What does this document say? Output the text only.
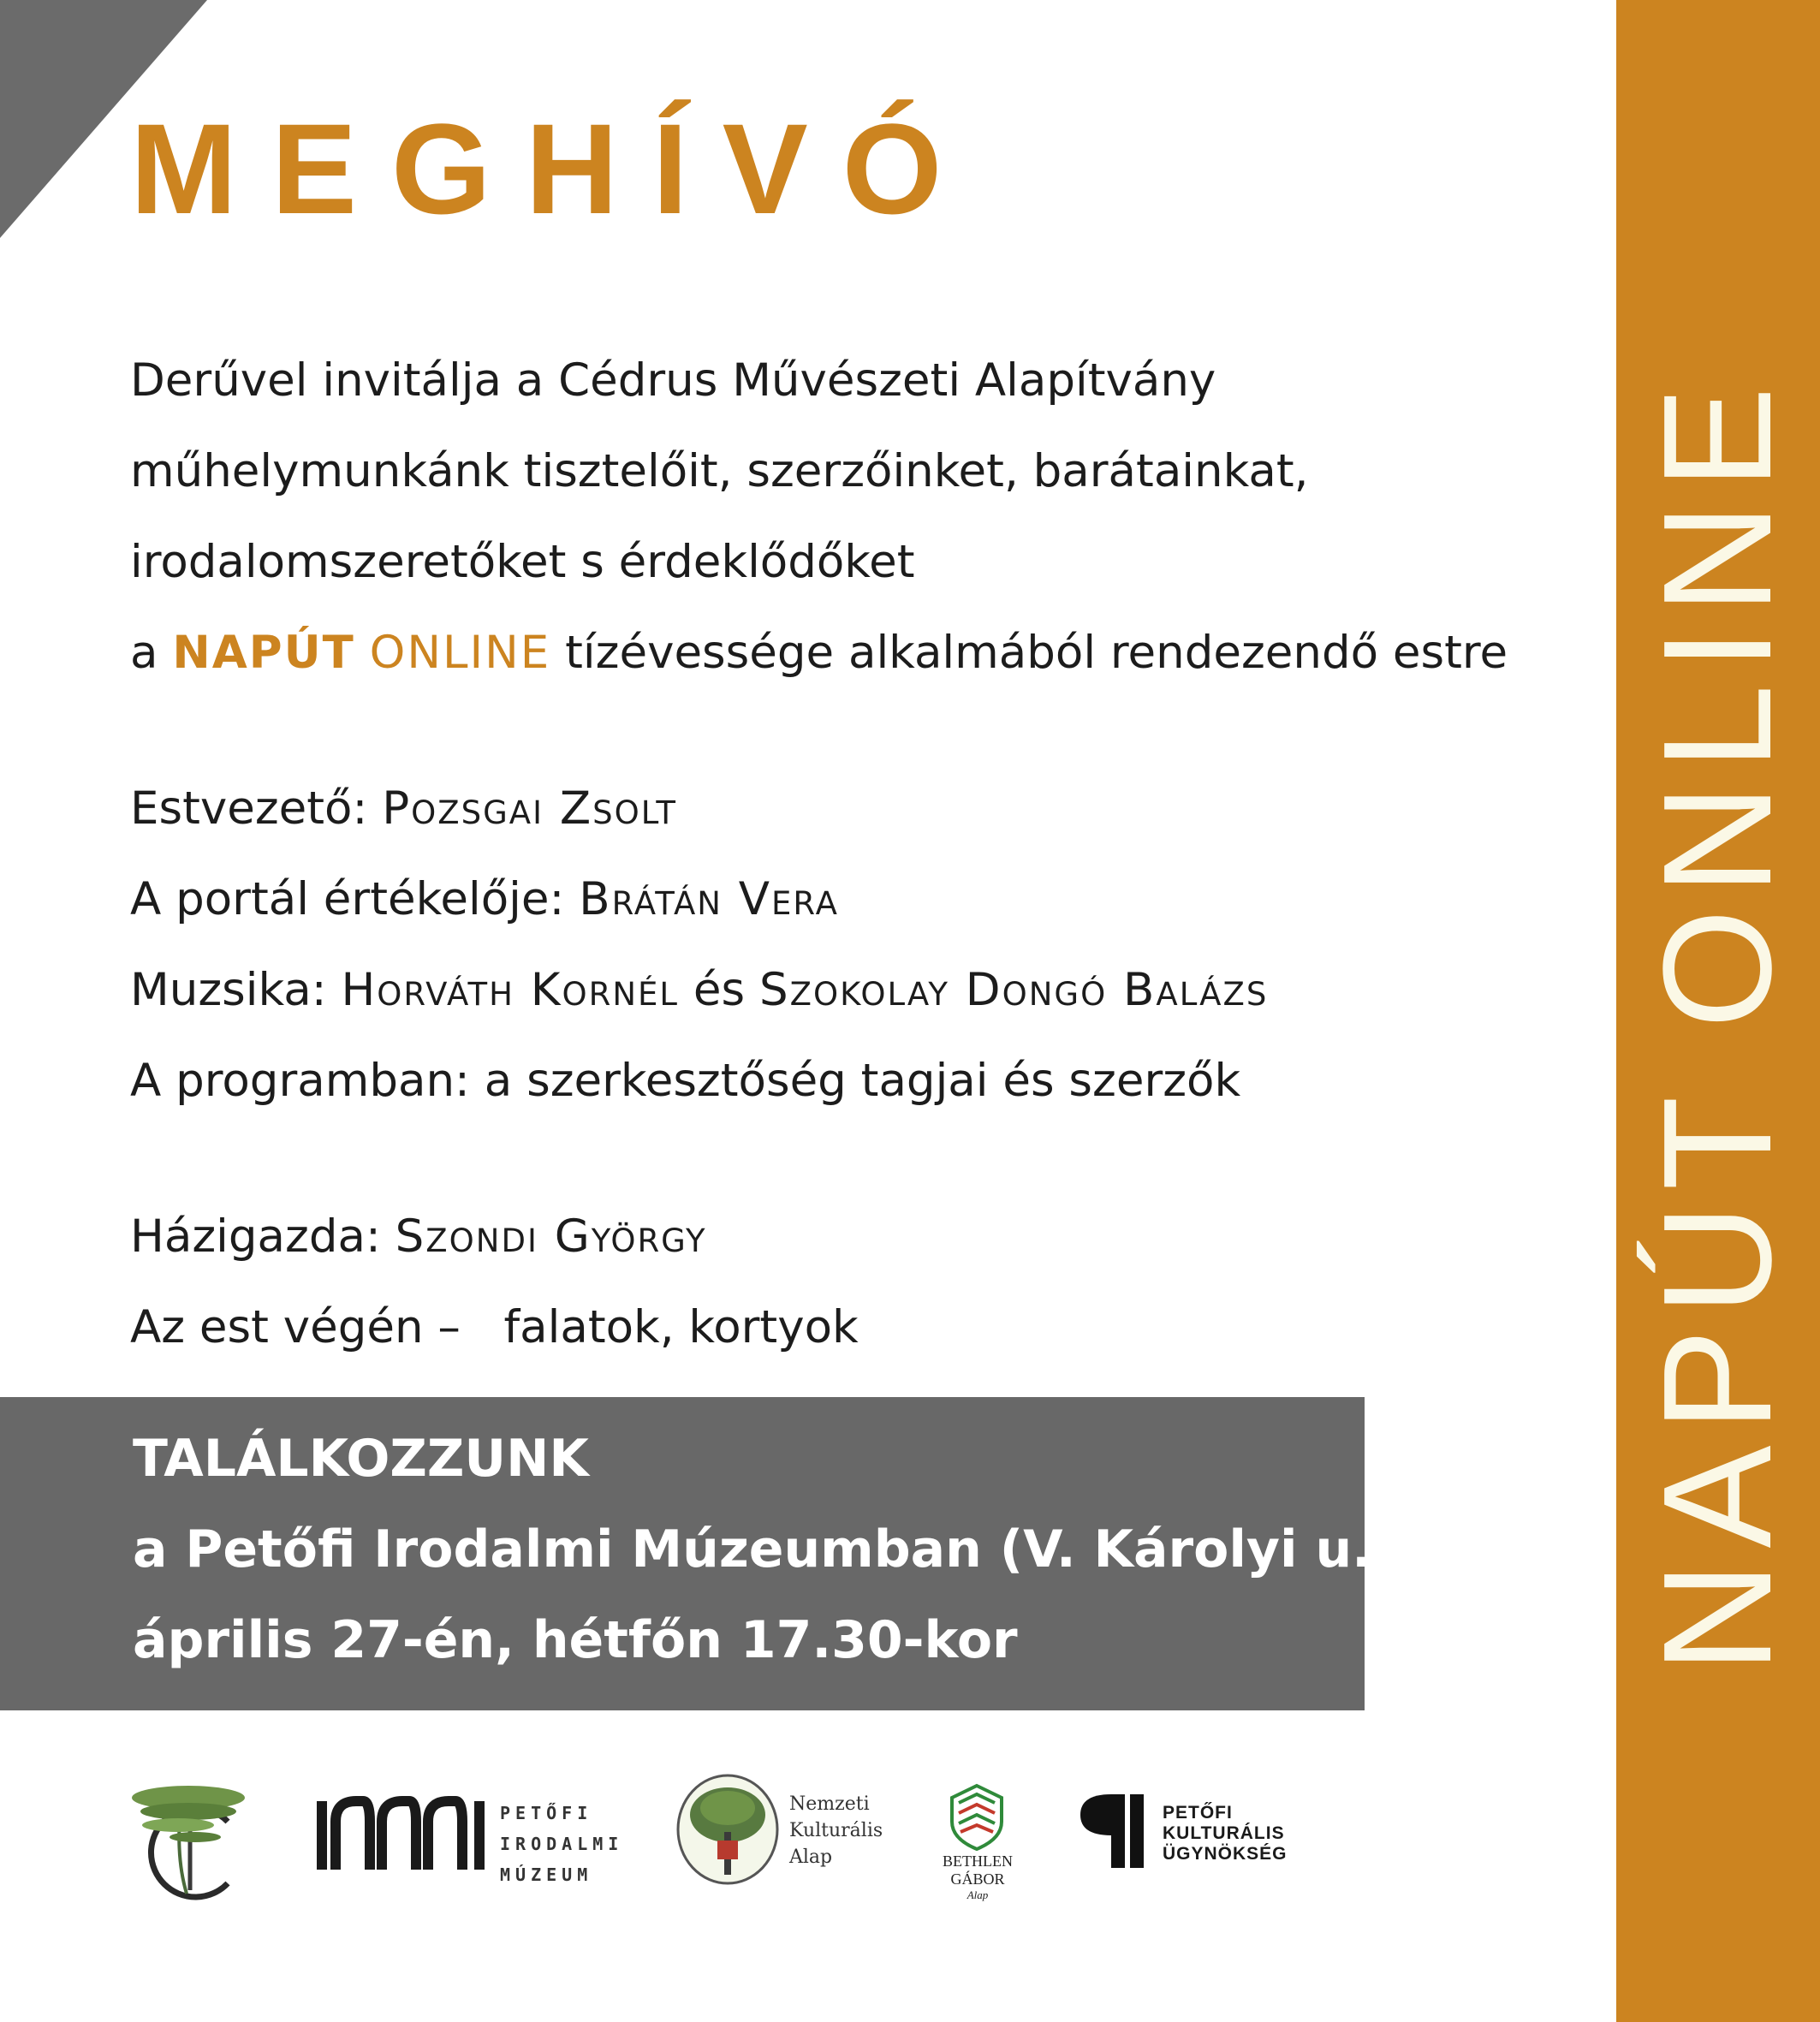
MEGHÍVÓ

Derűvel invitálja a Cédrus Művészeti Alapítvány

műhelymunkánk tisztelőit, szerzőinket, barátainkat,

irodalomszeretőket s érdeklődőket

a NAPÚT ONLINE tízévessége alkalmából rendezendő estre

Estvezető: Pozsgai Zsolt

A portál értékelője: Brátán Vera

Muzsika: Horváth Kornél és Szokolay Dongó Balázs

A programban: a szerkesztőség tagjai és szerzők

Házigazda: Szondi György

Az est végén –   falatok, kortyok

TALÁLKOZZUNK

a Petőfi Irodalmi Múzeumban (V. Károlyi u. 16.)

április 27-én, hétfőn 17.30-kor	NAPÚT ONLINE
PETŐFI
IRODALMI
MÚZEUM
Nemzeti
Kulturális
Alap	BETHLEN GÁBOR
Alap
PETŐFI
KULTURÁLIS
ÜGYNÖKSÉG
